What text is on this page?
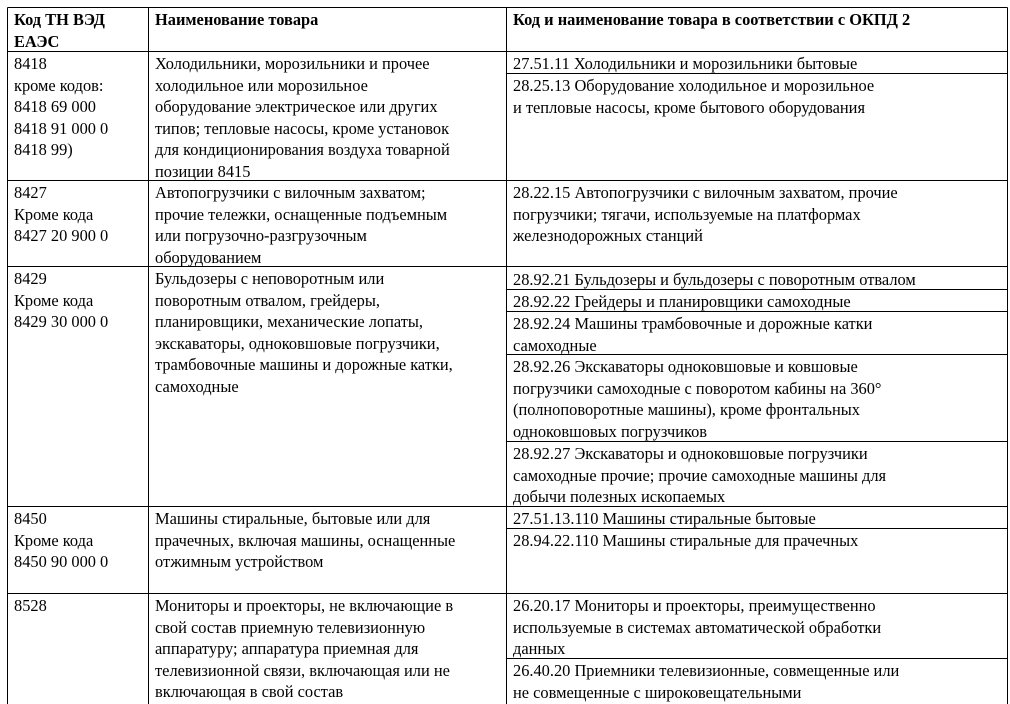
Код ТН ВЭД
ЕАЭС
Наименование товара	Код и наименование товара в соответствии с ОКПД 2
8418
кроме кодов:
8418 69 000
8418 91 000 0
8418 99)
Холодильники, морозильники и прочее
холодильное или морозильное
оборудование электрическое или других
типов; тепловые насосы, кроме установок
для кондиционирования воздуха товарной
позиции 8415
27.51.11 Холодильники и морозильники бытовые
28.25.13 Оборудование холодильное и морозильное
и тепловые насосы, кроме бытового оборудования
8427
Кроме кода
8427 20 900 0
Автопогрузчики с вилочным захватом;
прочие тележки, оснащенные подъемным
или погрузочно-разгрузочным
оборудованием
28.22.15 Автопогрузчики с вилочным захватом, прочие
погрузчики; тягачи, используемые на платформах
железнодорожных станций
8429
Кроме кода
8429 30 000 0
Бульдозеры с неповоротным или
поворотным отвалом, грейдеры,
планировщики, механические лопаты,
экскаваторы, одноковшовые погрузчики,
трамбовочные машины и дорожные катки,
самоходные
28.92.21 Бульдозеры и бульдозеры с поворотным отвалом
28.92.22 Грейдеры и планировщики самоходные
28.92.24 Машины трамбовочные и дорожные катки
самоходные
28.92.26 Экскаваторы одноковшовые и ковшовые
погрузчики самоходные с поворотом кабины на 360°
(полноповоротные машины), кроме фронтальных
одноковшовых погрузчиков
28.92.27 Экскаваторы и одноковшовые погрузчики
самоходные прочие; прочие самоходные машины для
добычи полезных ископаемых
8450
Кроме кода
8450 90 000 0
Машины стиральные, бытовые или для
прачечных, включая машины, оснащенные
отжимным устройством
27.51.13.110 Машины стиральные бытовые
28.94.22.110 Машины стиральные для прачечных
8528	Мониторы и проекторы, не включающие в
свой состав приемную телевизионную
аппаратуру; аппаратура приемная для
телевизионной связи, включающая или не
включающая в свой состав
26.20.17 Мониторы и проекторы, преимущественно
используемые в системах автоматической обработки
данных
26.40.20 Приемники телевизионные, совмещенные или
не совмещенные с широковещательными
